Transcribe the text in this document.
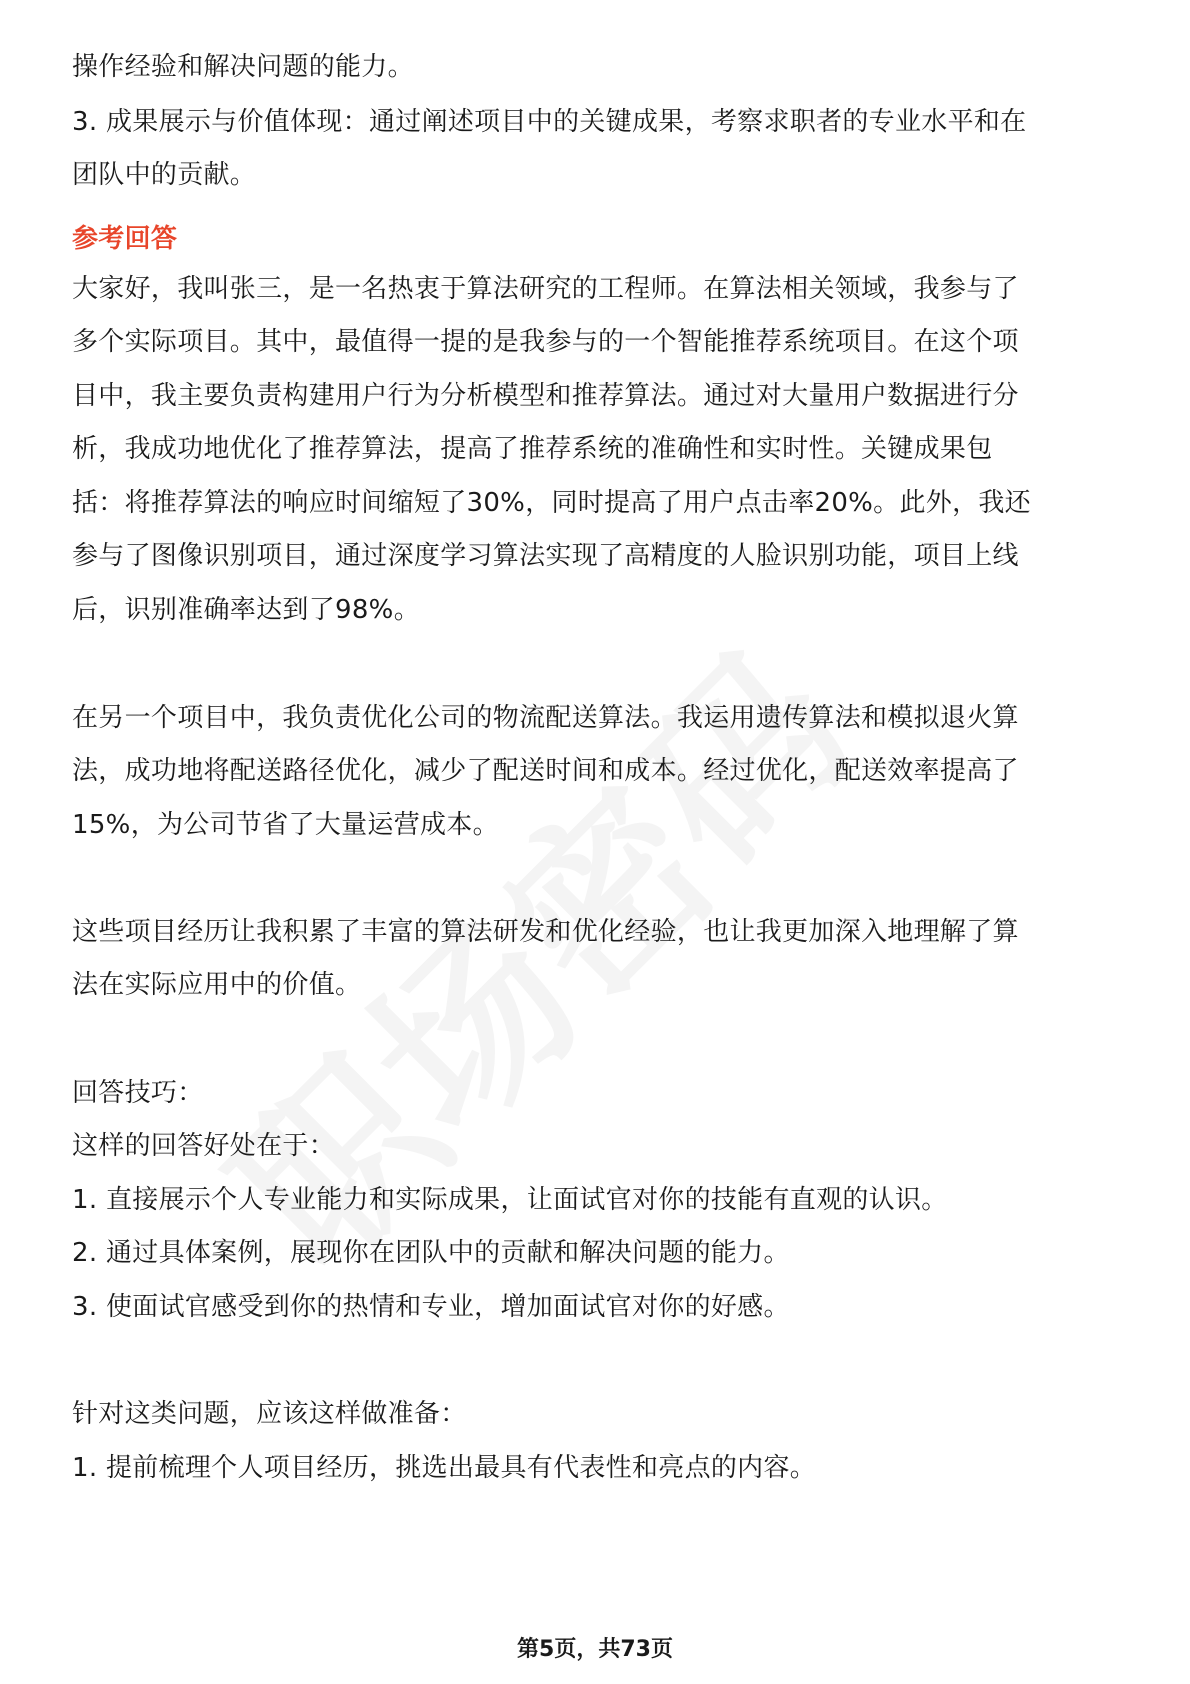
操作经验和解决问题的能力。
3. 成果展示与价值体现：通过阐述项目中的关键成果，考察求职者的专业水平和在
团队中的贡献。
参考回答
大家好，我叫张三，是一名热衷于算法研究的工程师。在算法相关领域，我参与了
多个实际项目。其中，最值得一提的是我参与的一个智能推荐系统项目。在这个项
目中，我主要负责构建用户行为分析模型和推荐算法。通过对大量用户数据进行分
析，我成功地优化了推荐算法，提高了推荐系统的准确性和实时性。关键成果包
括：将推荐算法的响应时间缩短了30%，同时提高了用户点击率20%。此外，我还
参与了图像识别项目，通过深度学习算法实现了高精度的人脸识别功能，项目上线
后，识别准确率达到了98%。
在另一个项目中，我负责优化公司的物流配送算法。我运用遗传算法和模拟退火算
法，成功地将配送路径优化，减少了配送时间和成本。经过优化，配送效率提高了
15%，为公司节省了大量运营成本。
这些项目经历让我积累了丰富的算法研发和优化经验，也让我更加深入地理解了算
法在实际应用中的价值。
回答技巧：
这样的回答好处在于：
1. 直接展示个人专业能力和实际成果，让面试官对你的技能有直观的认识。
2. 通过具体案例，展现你在团队中的贡献和解决问题的能力。
3. 使面试官感受到你的热情和专业，增加面试官对你的好感。
针对这类问题，应该这样做准备：
1. 提前梳理个人项目经历，挑选出最具有代表性和亮点的内容。
第5页，共73页
